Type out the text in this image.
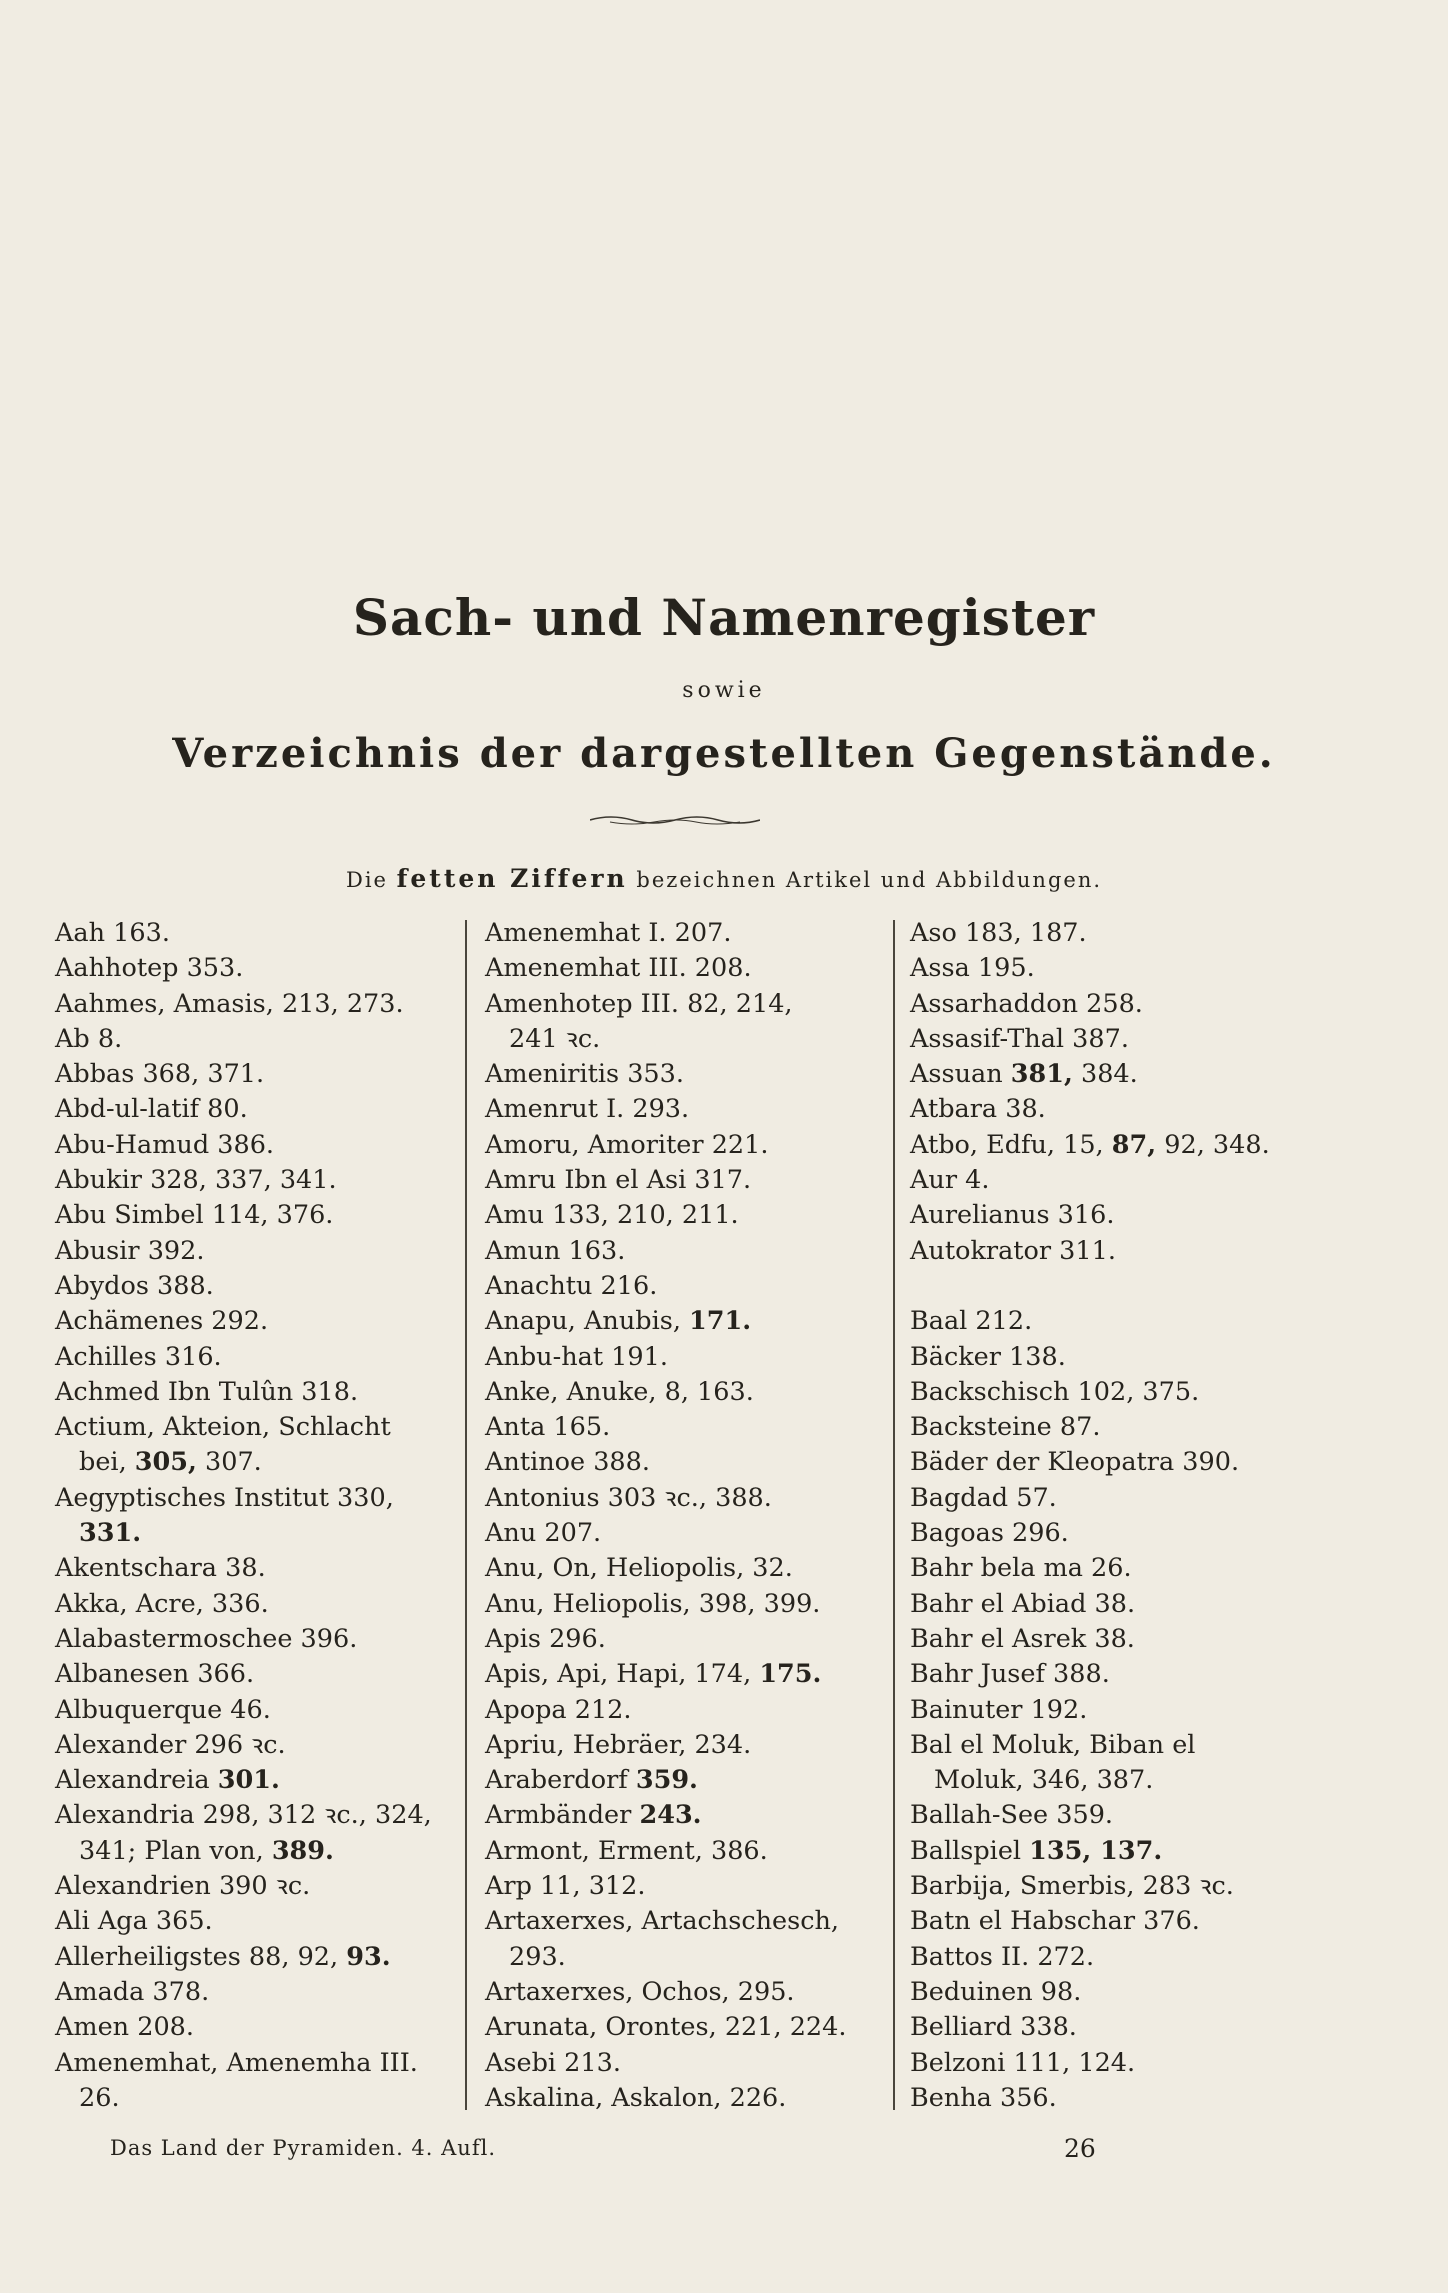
Sach- und Namenregister
sowie
Verzeichnis der dargestellten Gegenstände.
Die fetten Ziffern bezeichnen Artikel und Abbildungen.
Aah 163.
Aahhotep 353.
Aahmes, Amasis, 213, 273.
Ab 8.
Abbas 368, 371.
Abd-ul-latif 80.
Abu-Hamud 386.
Abukir 328, 337, 341.
Abu Simbel 114, 376.
Abusir 392.
Abydos 388.
Achämenes 292.
Achilles 316.
Achmed Ibn Tulûn 318.
Actium, Akteion, Schlacht
bei, 305, 307.
Aegyptisches Institut 330,
331.
Akentschara 38.
Akka, Acre, 336.
Alabastermoschee 396.
Albanesen 366.
Albuquerque 46.
Alexander 296 ꝛc.
Alexandreia 301.
Alexandria 298, 312 ꝛc., 324,
341; Plan von, 389.
Alexandrien 390 ꝛc.
Ali Aga 365.
Allerheiligstes 88, 92, 93.
Amada 378.
Amen 208.
Amenemhat, Amenemha III.
26.
Amenemhat I. 207.
Amenemhat III. 208.
Amenhotep III. 82, 214,
241 ꝛc.
Ameniritis 353.
Amenrut I. 293.
Amoru, Amoriter 221.
Amru Ibn el Asi 317.
Amu 133, 210, 211.
Amun 163.
Anachtu 216.
Anapu, Anubis, 171.
Anbu-hat 191.
Anke, Anuke, 8, 163.
Anta 165.
Antinoe 388.
Antonius 303 ꝛc., 388.
Anu 207.
Anu, On, Heliopolis, 32.
Anu, Heliopolis, 398, 399.
Apis 296.
Apis, Api, Hapi, 174, 175.
Apopa 212.
Apriu, Hebräer, 234.
Araberdorf 359.
Armbänder 243.
Armont, Erment, 386.
Arp 11, 312.
Artaxerxes, Artachschesch,
293.
Artaxerxes, Ochos, 295.
Arunata, Orontes, 221, 224.
Asebi 213.
Askalina, Askalon, 226.
Aso 183, 187.
Assa 195.
Assarhaddon 258.
Assasif-Thal 387.
Assuan 381, 384.
Atbara 38.
Atbo, Edfu, 15, 87, 92, 348.
Aur 4.
Aurelianus 316.
Autokrator 311.
Baal 212.
Bäcker 138.
Backschisch 102, 375.
Backsteine 87.
Bäder der Kleopatra 390.
Bagdad 57.
Bagoas 296.
Bahr bela ma 26.
Bahr el Abiad 38.
Bahr el Asrek 38.
Bahr Jusef 388.
Bainuter 192.
Bal el Moluk, Biban el
Moluk, 346, 387.
Ballah-See 359.
Ballspiel 135, 137.
Barbija, Smerbis, 283 ꝛc.
Batn el Habschar 376.
Battos II. 272.
Beduinen 98.
Belliard 338.
Belzoni 111, 124.
Benha 356.
Das Land der Pyramiden. 4. Aufl.	26
